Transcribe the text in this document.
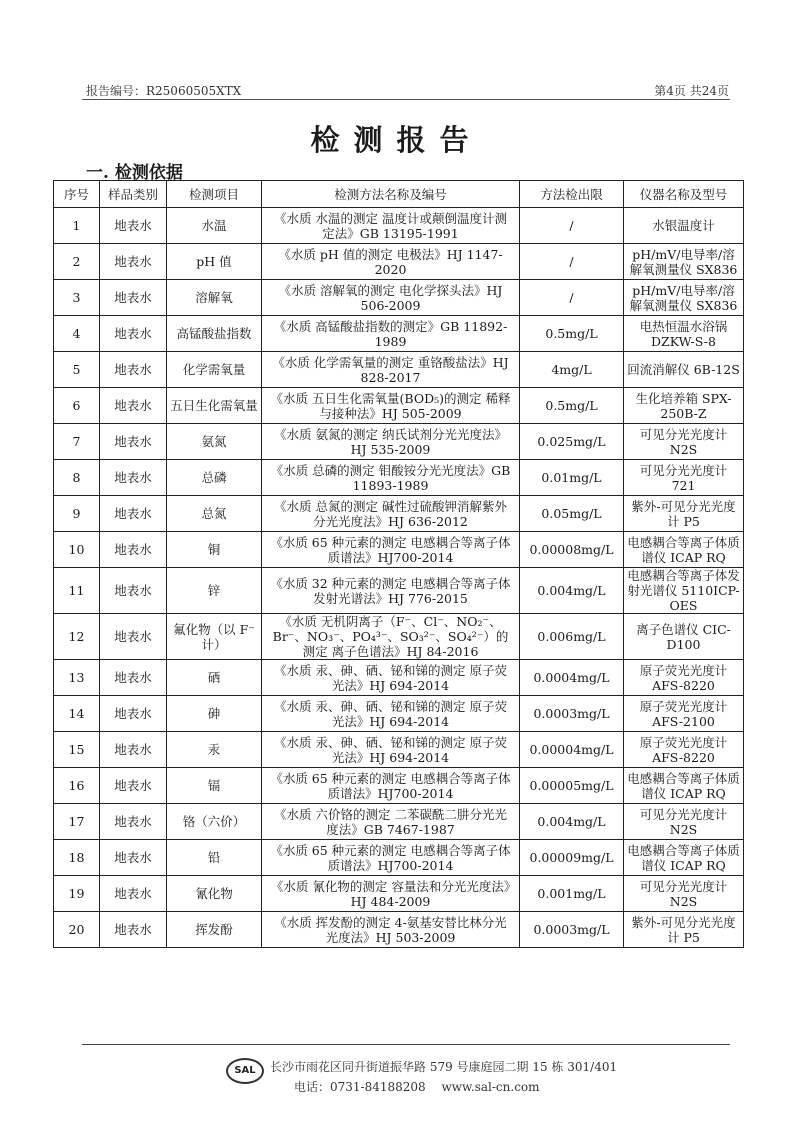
报告编号：R25060505XTX	第4页 共24页
检测报告
一. 检测依据
序号	样品类别	检测项目	检测方法名称及编号	方法检出限	仪器名称及型号
1	地表水	水温	《水质 水温的测定 温度计或颠倒温度计测定法》GB 13195-1991	/	水银温度计
2	地表水	pH 值	《水质 pH 值的测定 电极法》HJ 1147-2020	/	pH/mV/电导率/溶解氧测量仪 SX836
3	地表水	溶解氧	《水质 溶解氧的测定 电化学探头法》HJ 506-2009	/	pH/mV/电导率/溶解氧测量仪 SX836
4	地表水	高锰酸盐指数	《水质 高锰酸盐指数的测定》GB 11892-1989	0.5mg/L	电热恒温水浴锅 DZKW-S-8
5	地表水	化学需氧量	《水质 化学需氧量的测定 重铬酸盐法》HJ 828-2017	4mg/L	回流消解仪 6B-12S
6	地表水	五日生化需氧量	《水质 五日生化需氧量(BOD₅)的测定 稀释与接种法》HJ 505-2009	0.5mg/L	生化培养箱 SPX-250B-Z
7	地表水	氨氮	《水质 氨氮的测定 纳氏试剂分光光度法》HJ 535-2009	0.025mg/L	可见分光光度计 N2S
8	地表水	总磷	《水质 总磷的测定 钼酸铵分光光度法》GB 11893-1989	0.01mg/L	可见分光光度计 721
9	地表水	总氮	《水质 总氮的测定 碱性过硫酸钾消解紫外分光光度法》HJ 636-2012	0.05mg/L	紫外-可见分光光度计 P5
10	地表水	铜	《水质 65 种元素的测定 电感耦合等离子体质谱法》HJ700-2014	0.00008mg/L	电感耦合等离子体质谱仪 ICAP RQ
11	地表水	锌	《水质 32 种元素的测定 电感耦合等离子体发射光谱法》HJ 776-2015	0.004mg/L	电感耦合等离子体发射光谱仪 5110ICP-OES
12	地表水	氟化物（以 F⁻计）	《水质 无机阴离子（F⁻、Cl⁻、NO₂⁻、Br⁻、NO₃⁻、PO₄³⁻、SO₃²⁻、SO₄²⁻）的测定 离子色谱法》HJ 84-2016	0.006mg/L	离子色谱仪 CIC-D100
13	地表水	硒	《水质 汞、砷、硒、铋和锑的测定 原子荧光法》HJ 694-2014	0.0004mg/L	原子荧光光度计 AFS-8220
14	地表水	砷	《水质 汞、砷、硒、铋和锑的测定 原子荧光法》HJ 694-2014	0.0003mg/L	原子荧光光度计 AFS-2100
15	地表水	汞	《水质 汞、砷、硒、铋和锑的测定 原子荧光法》HJ 694-2014	0.00004mg/L	原子荧光光度计 AFS-8220
16	地表水	镉	《水质 65 种元素的测定 电感耦合等离子体质谱法》HJ700-2014	0.00005mg/L	电感耦合等离子体质谱仪 ICAP RQ
17	地表水	铬（六价）	《水质 六价铬的测定 二苯碳酰二肼分光光度法》GB 7467-1987	0.004mg/L	可见分光光度计 N2S
18	地表水	铅	《水质 65 种元素的测定 电感耦合等离子体质谱法》HJ700-2014	0.00009mg/L	电感耦合等离子体质谱仪 ICAP RQ
19	地表水	氰化物	《水质 氰化物的测定 容量法和分光光度法》HJ 484-2009	0.001mg/L	可见分光光度计 N2S
20	地表水	挥发酚	《水质 挥发酚的测定 4-氨基安替比林分光光度法》HJ 503-2009	0.0003mg/L	紫外-可见分光光度计 P5
SAL	长沙市雨花区同升街道振华路 579 号康庭园二期 15 栋 301/401
电话：0731-84188208 www.sal-cn.com
